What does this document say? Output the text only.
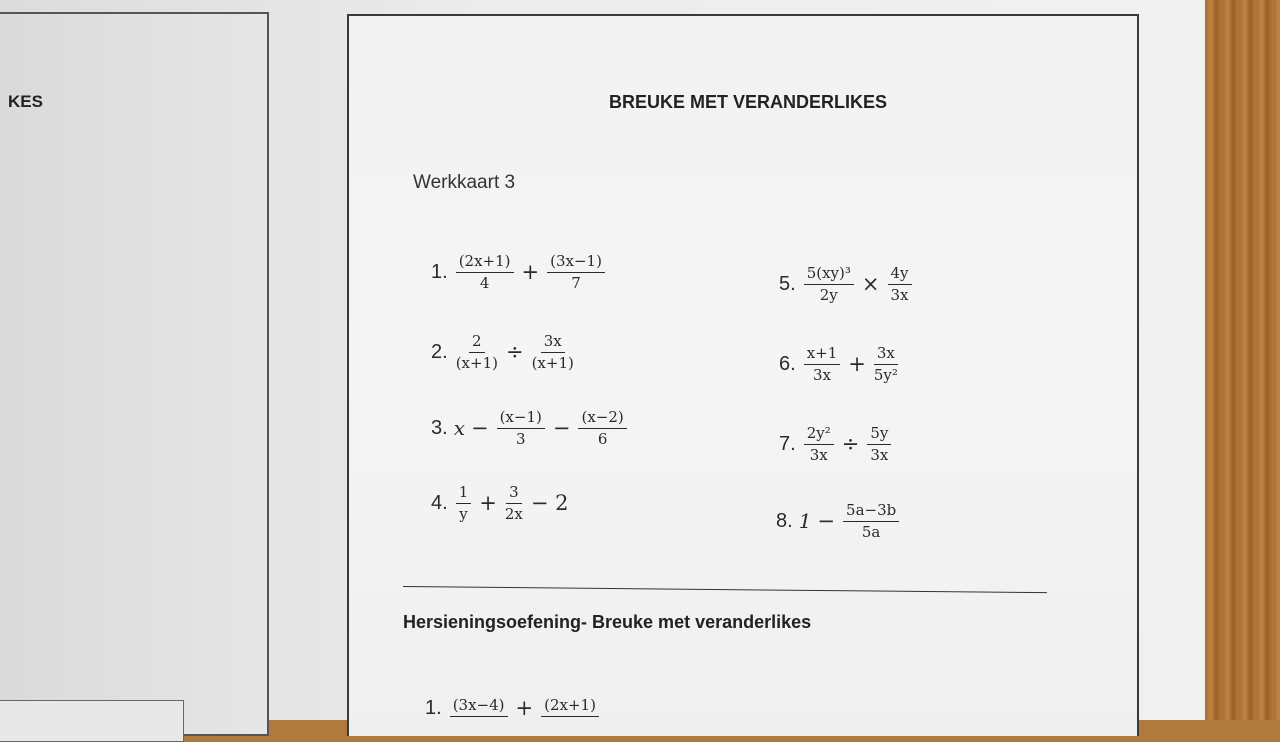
KES	BREUKE MET VERANDERLIKES
Werkkaart 3
1. $\frac{(2x+1)}{4} + \frac{(3x-1)}{7}$
2. $\frac{2}{(x+1)} \div \frac{3x}{(x+1)}$
3. $x - \frac{(x-1)}{3} - \frac{(x-2)}{6}$
4. $\frac{1}{y} + \frac{3}{2x} - 2$
5. $\frac{\text{5(xy)³}}{2y} \times \frac{4y}{3x}$
6. $\frac{x+1}{3x} + \frac{3x}{\text{5y²}}$
7. $\frac{\text{2y²}}{3x} \div \frac{5y}{3x}$
8. $1 - \frac{5a-3b}{5a}$
Hersieningsoefening- Breuke met veranderlikes
1. (3x−4) + (2x+1)
